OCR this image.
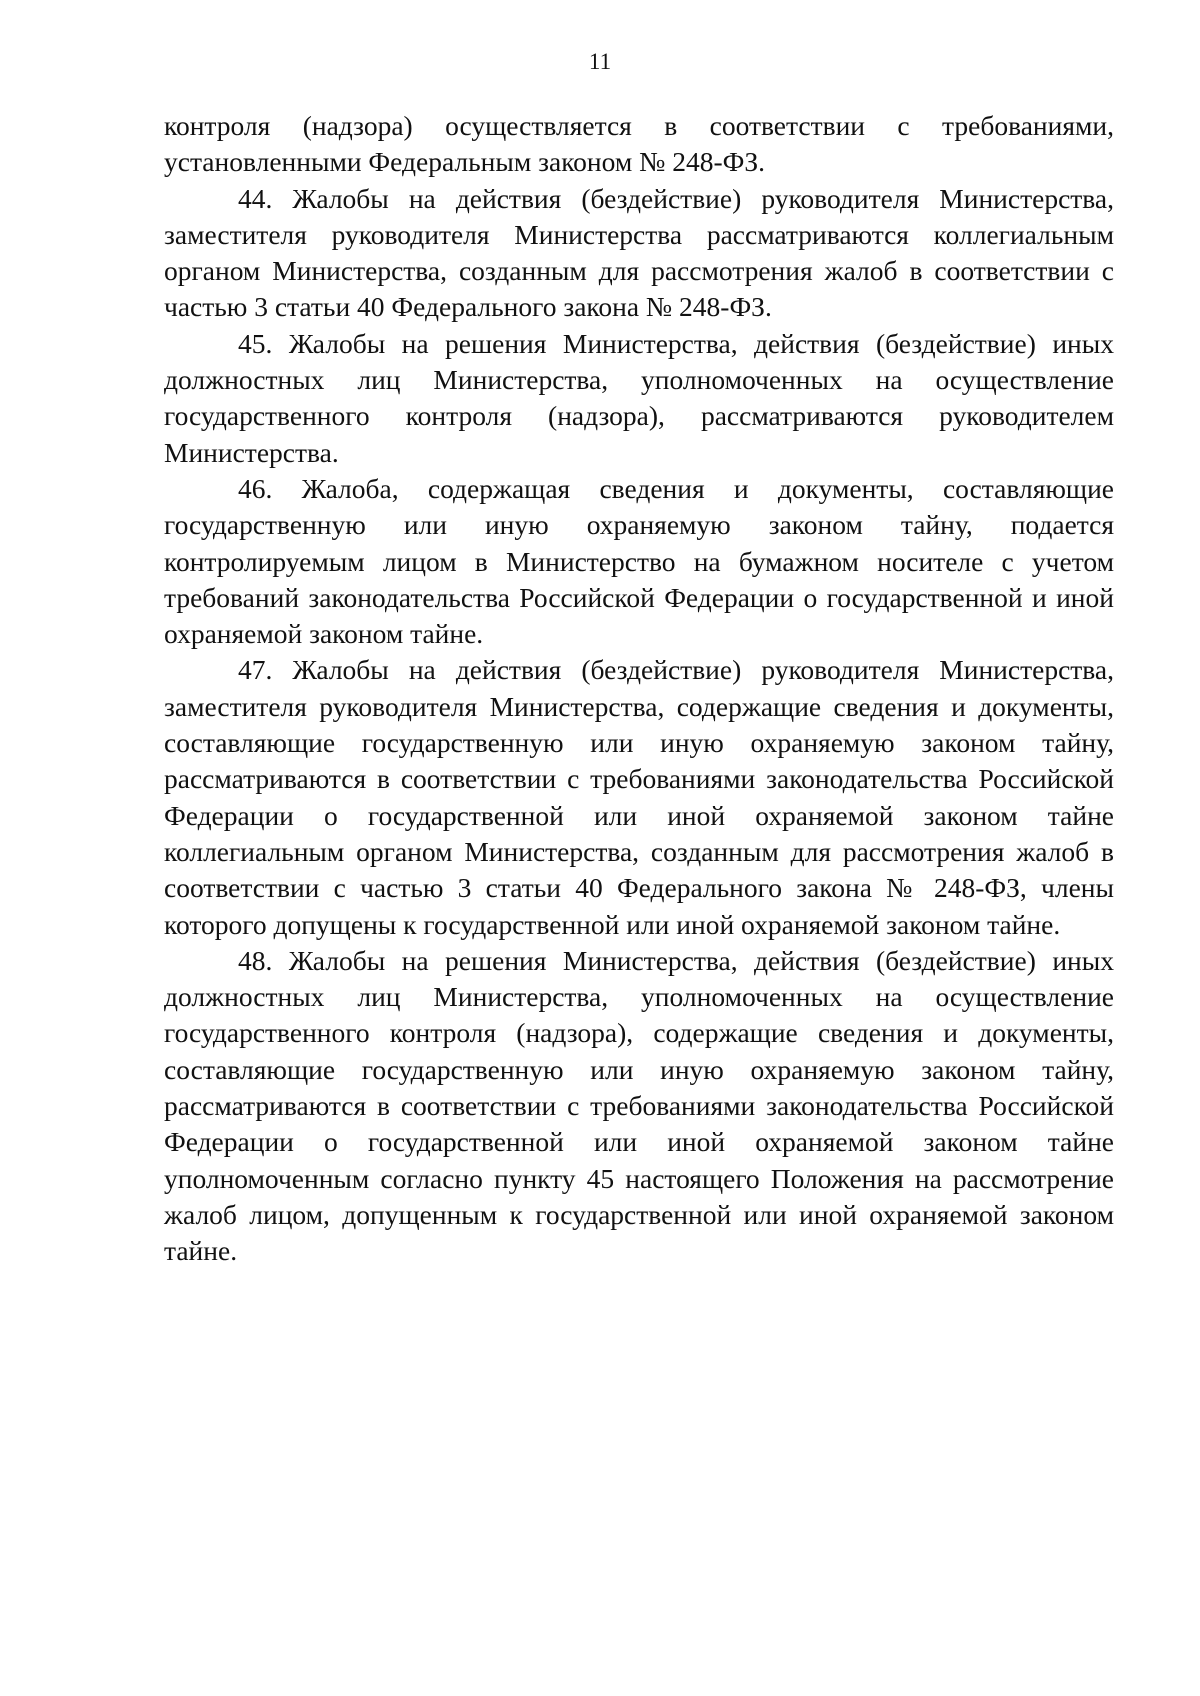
11

контроля (надзора) осуществляется в соответствии с требованиями, установленными Федеральным законом № 248-ФЗ.

44. Жалобы на действия (бездействие) руководителя Министерства, заместителя руководителя Министерства рассматриваются коллегиальным органом Министерства, созданным для рассмотрения жалоб в соответствии с частью 3 статьи 40 Федерального закона № 248-ФЗ.

45. Жалобы на решения Министерства, действия (бездействие) иных должностных лиц Министерства, уполномоченных на осуществление государственного контроля (надзора), рассматриваются руководителем Министерства.

46. Жалоба, содержащая сведения и документы, составляющие государственную или иную охраняемую законом тайну, подается контролируемым лицом в Министерство на бумажном носителе с учетом требований законодательства Российской Федерации о государственной и иной охраняемой законом тайне.

47. Жалобы на действия (бездействие) руководителя Министерства, заместителя руководителя Министерства, содержащие сведения и документы, составляющие государственную или иную охраняемую законом тайну, рассматриваются в соответствии с требованиями законодательства Российской Федерации о государственной или иной охраняемой законом тайне коллегиальным органом Министерства, созданным для рассмотрения жалоб в соответствии с частью 3 статьи 40 Федерального закона № 248-ФЗ, члены которого допущены к государственной или иной охраняемой законом тайне.

48. Жалобы на решения Министерства, действия (бездействие) иных должностных лиц Министерства, уполномоченных на осуществление государственного контроля (надзора), содержащие сведения и документы, составляющие государственную или иную охраняемую законом тайну, рассматриваются в соответствии с требованиями законодательства Российской Федерации о государственной или иной охраняемой законом тайне уполномоченным согласно пункту 45 настоящего Положения на рассмотрение жалоб лицом, допущенным к государственной или иной охраняемой законом тайне.
